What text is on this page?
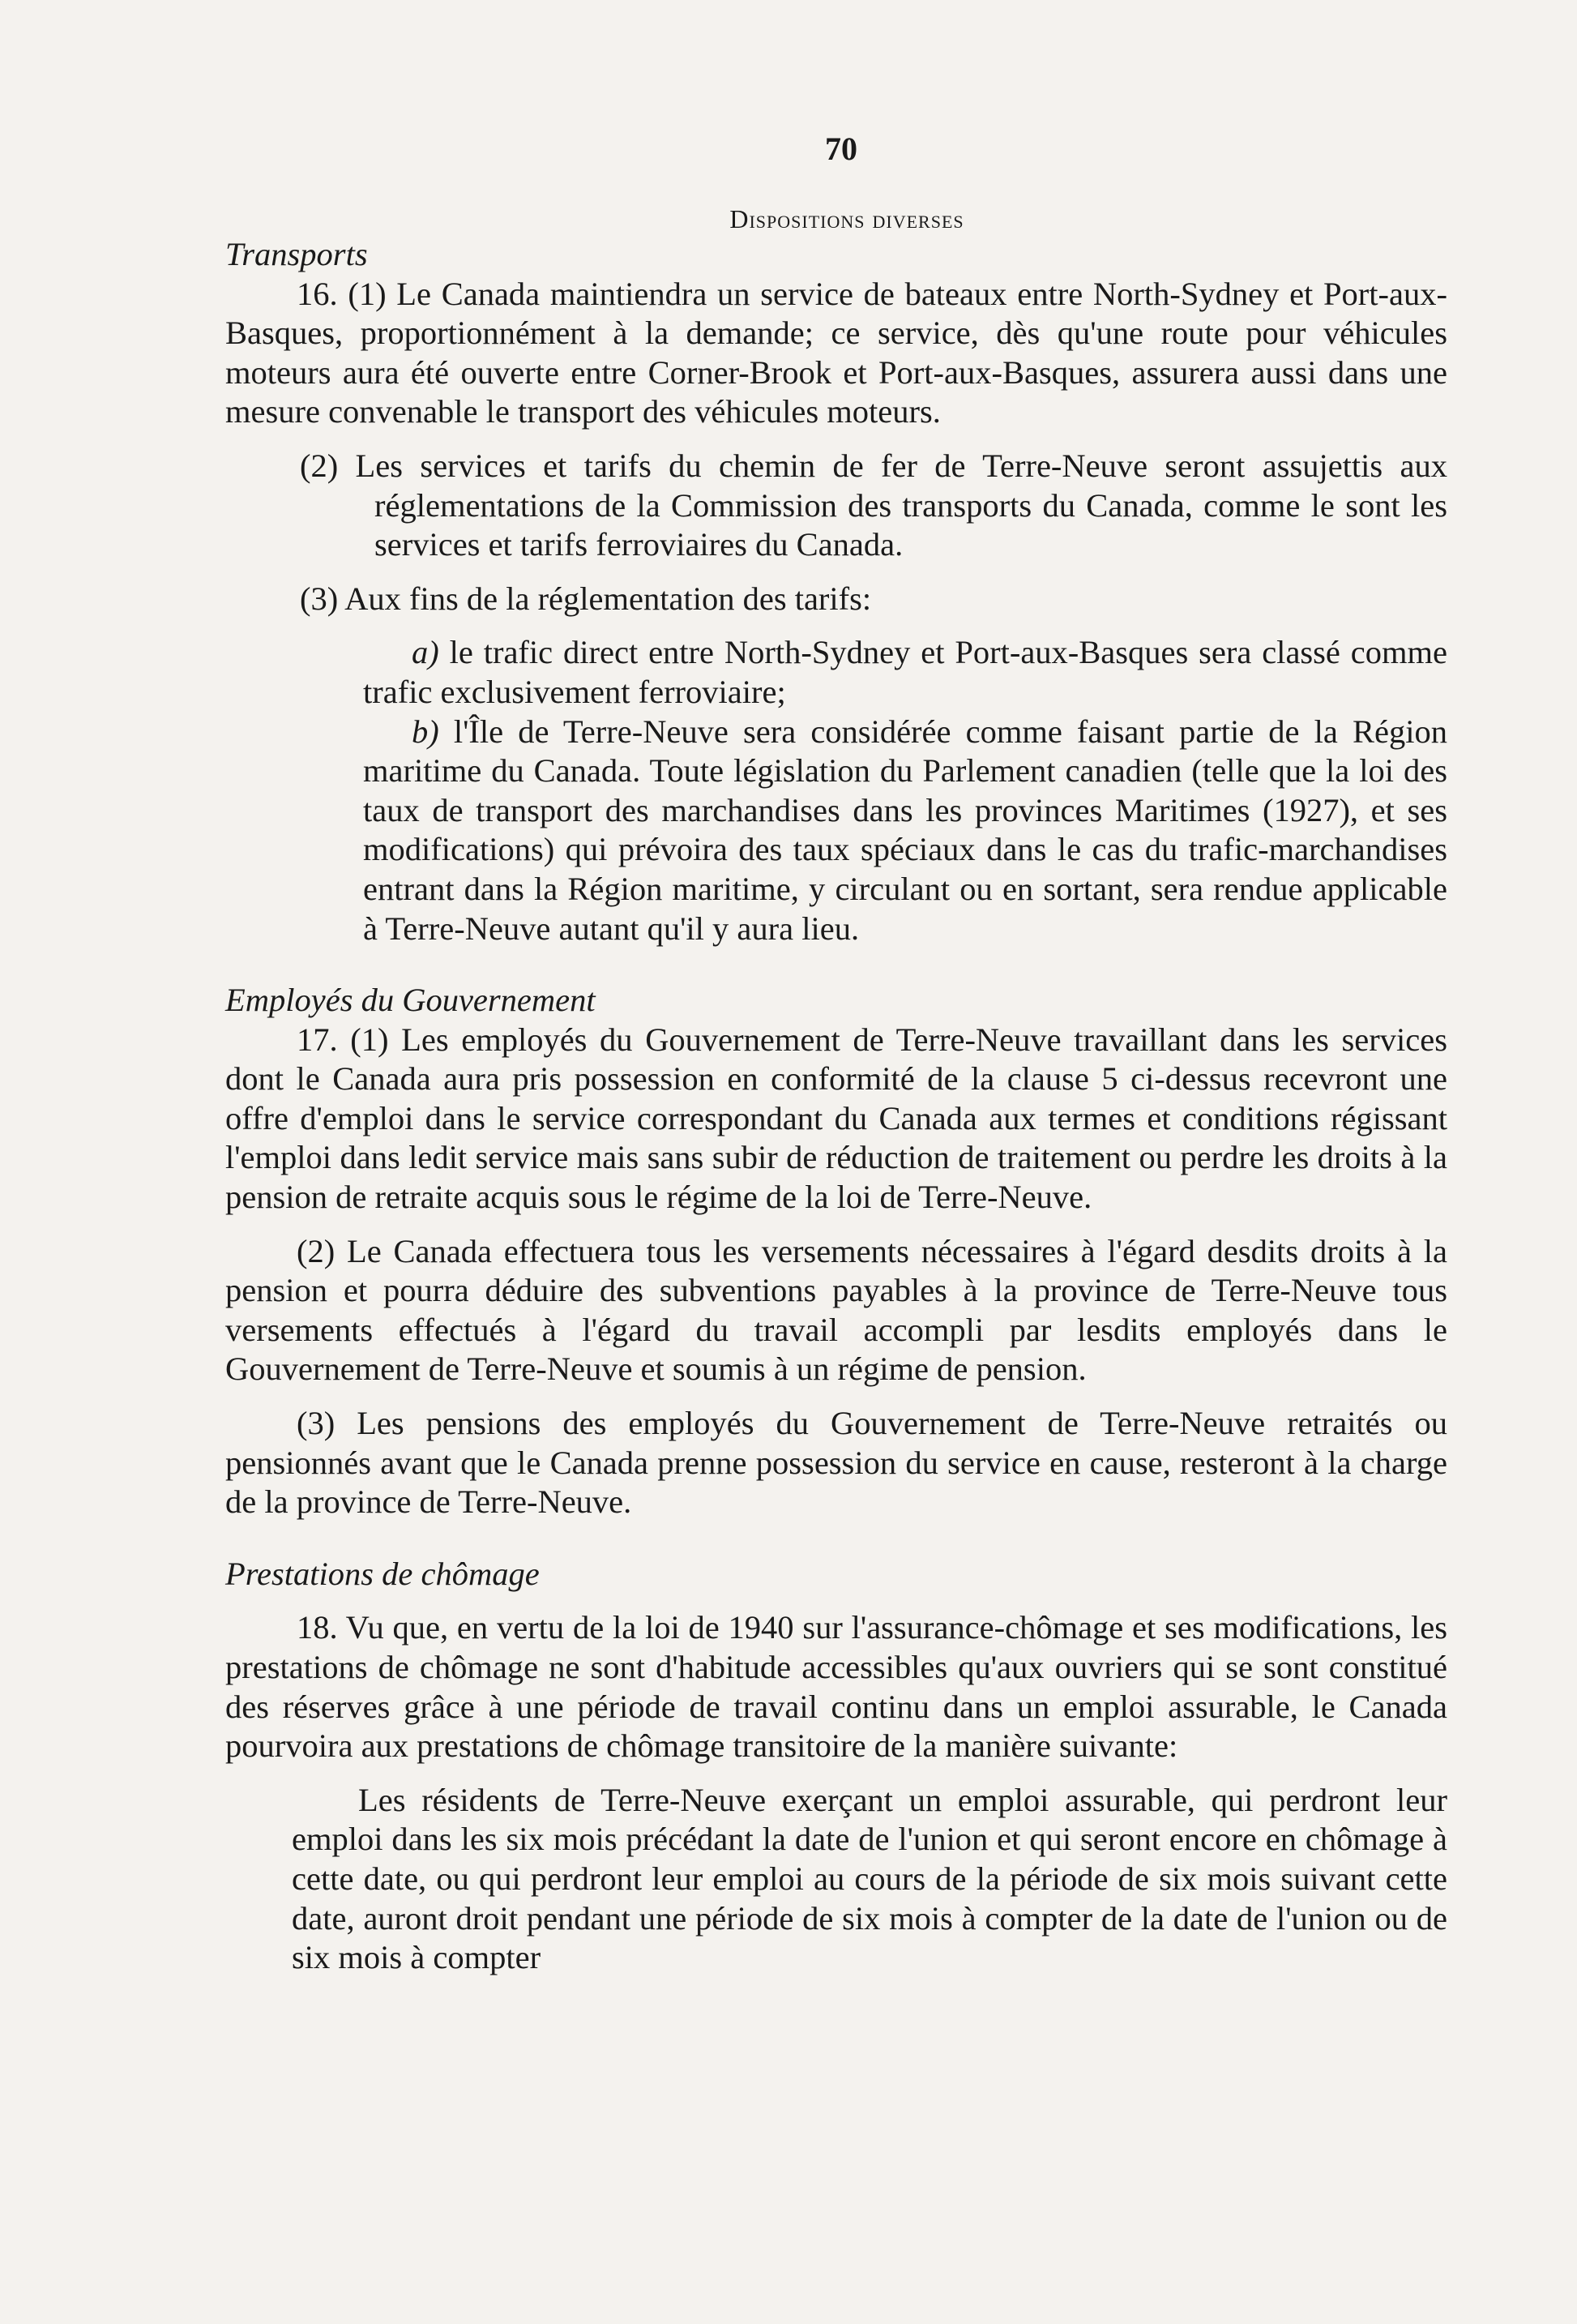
70
Dispositions diverses
Transports

16. (1) Le Canada maintiendra un service de bateaux entre North-Sydney et Port-aux-Basques, proportionnément à la demande; ce service, dès qu'une route pour véhicules moteurs aura été ouverte entre Corner-Brook et Port-aux-Basques, assurera aussi dans une mesure convenable le transport des véhicules moteurs.

(2) Les services et tarifs du chemin de fer de Terre-Neuve seront assujettis aux réglementations de la Commission des transports du Canada, comme le sont les services et tarifs ferroviaires du Canada.

(3) Aux fins de la réglementation des tarifs:

a) le trafic direct entre North-Sydney et Port-aux-Basques sera classé comme trafic exclusivement ferroviaire;

b) l'Île de Terre-Neuve sera considérée comme faisant partie de la Région maritime du Canada. Toute législation du Parlement canadien (telle que la loi des taux de transport des marchandises dans les provinces Maritimes (1927), et ses modifications) qui prévoira des taux spéciaux dans le cas du trafic-marchandises entrant dans la Région maritime, y circulant ou en sortant, sera rendue applicable à Terre-Neuve autant qu'il y aura lieu.

Employés du Gouvernement

17. (1) Les employés du Gouvernement de Terre-Neuve travaillant dans les services dont le Canada aura pris possession en conformité de la clause 5 ci-dessus recevront une offre d'emploi dans le service correspondant du Canada aux termes et conditions régissant l'emploi dans ledit service mais sans subir de réduction de traitement ou perdre les droits à la pension de retraite acquis sous le régime de la loi de Terre-Neuve.

(2) Le Canada effectuera tous les versements nécessaires à l'égard desdits droits à la pension et pourra déduire des subventions payables à la province de Terre-Neuve tous versements effectués à l'égard du travail accompli par lesdits employés dans le Gouvernement de Terre-Neuve et soumis à un régime de pension.

(3) Les pensions des employés du Gouvernement de Terre-Neuve retraités ou pensionnés avant que le Canada prenne possession du service en cause, resteront à la charge de la province de Terre-Neuve.

Prestations de chômage

18. Vu que, en vertu de la loi de 1940 sur l'assurance-chômage et ses modifications, les prestations de chômage ne sont d'habitude accessibles qu'aux ouvriers qui se sont constitué des réserves grâce à une période de travail continu dans un emploi assurable, le Canada pourvoira aux prestations de chômage transitoire de la manière suivante:

Les résidents de Terre-Neuve exerçant un emploi assurable, qui perdront leur emploi dans les six mois précédant la date de l'union et qui seront encore en chômage à cette date, ou qui perdront leur emploi au cours de la période de six mois suivant cette date, auront droit pendant une période de six mois à compter de la date de l'union ou de six mois à compter
